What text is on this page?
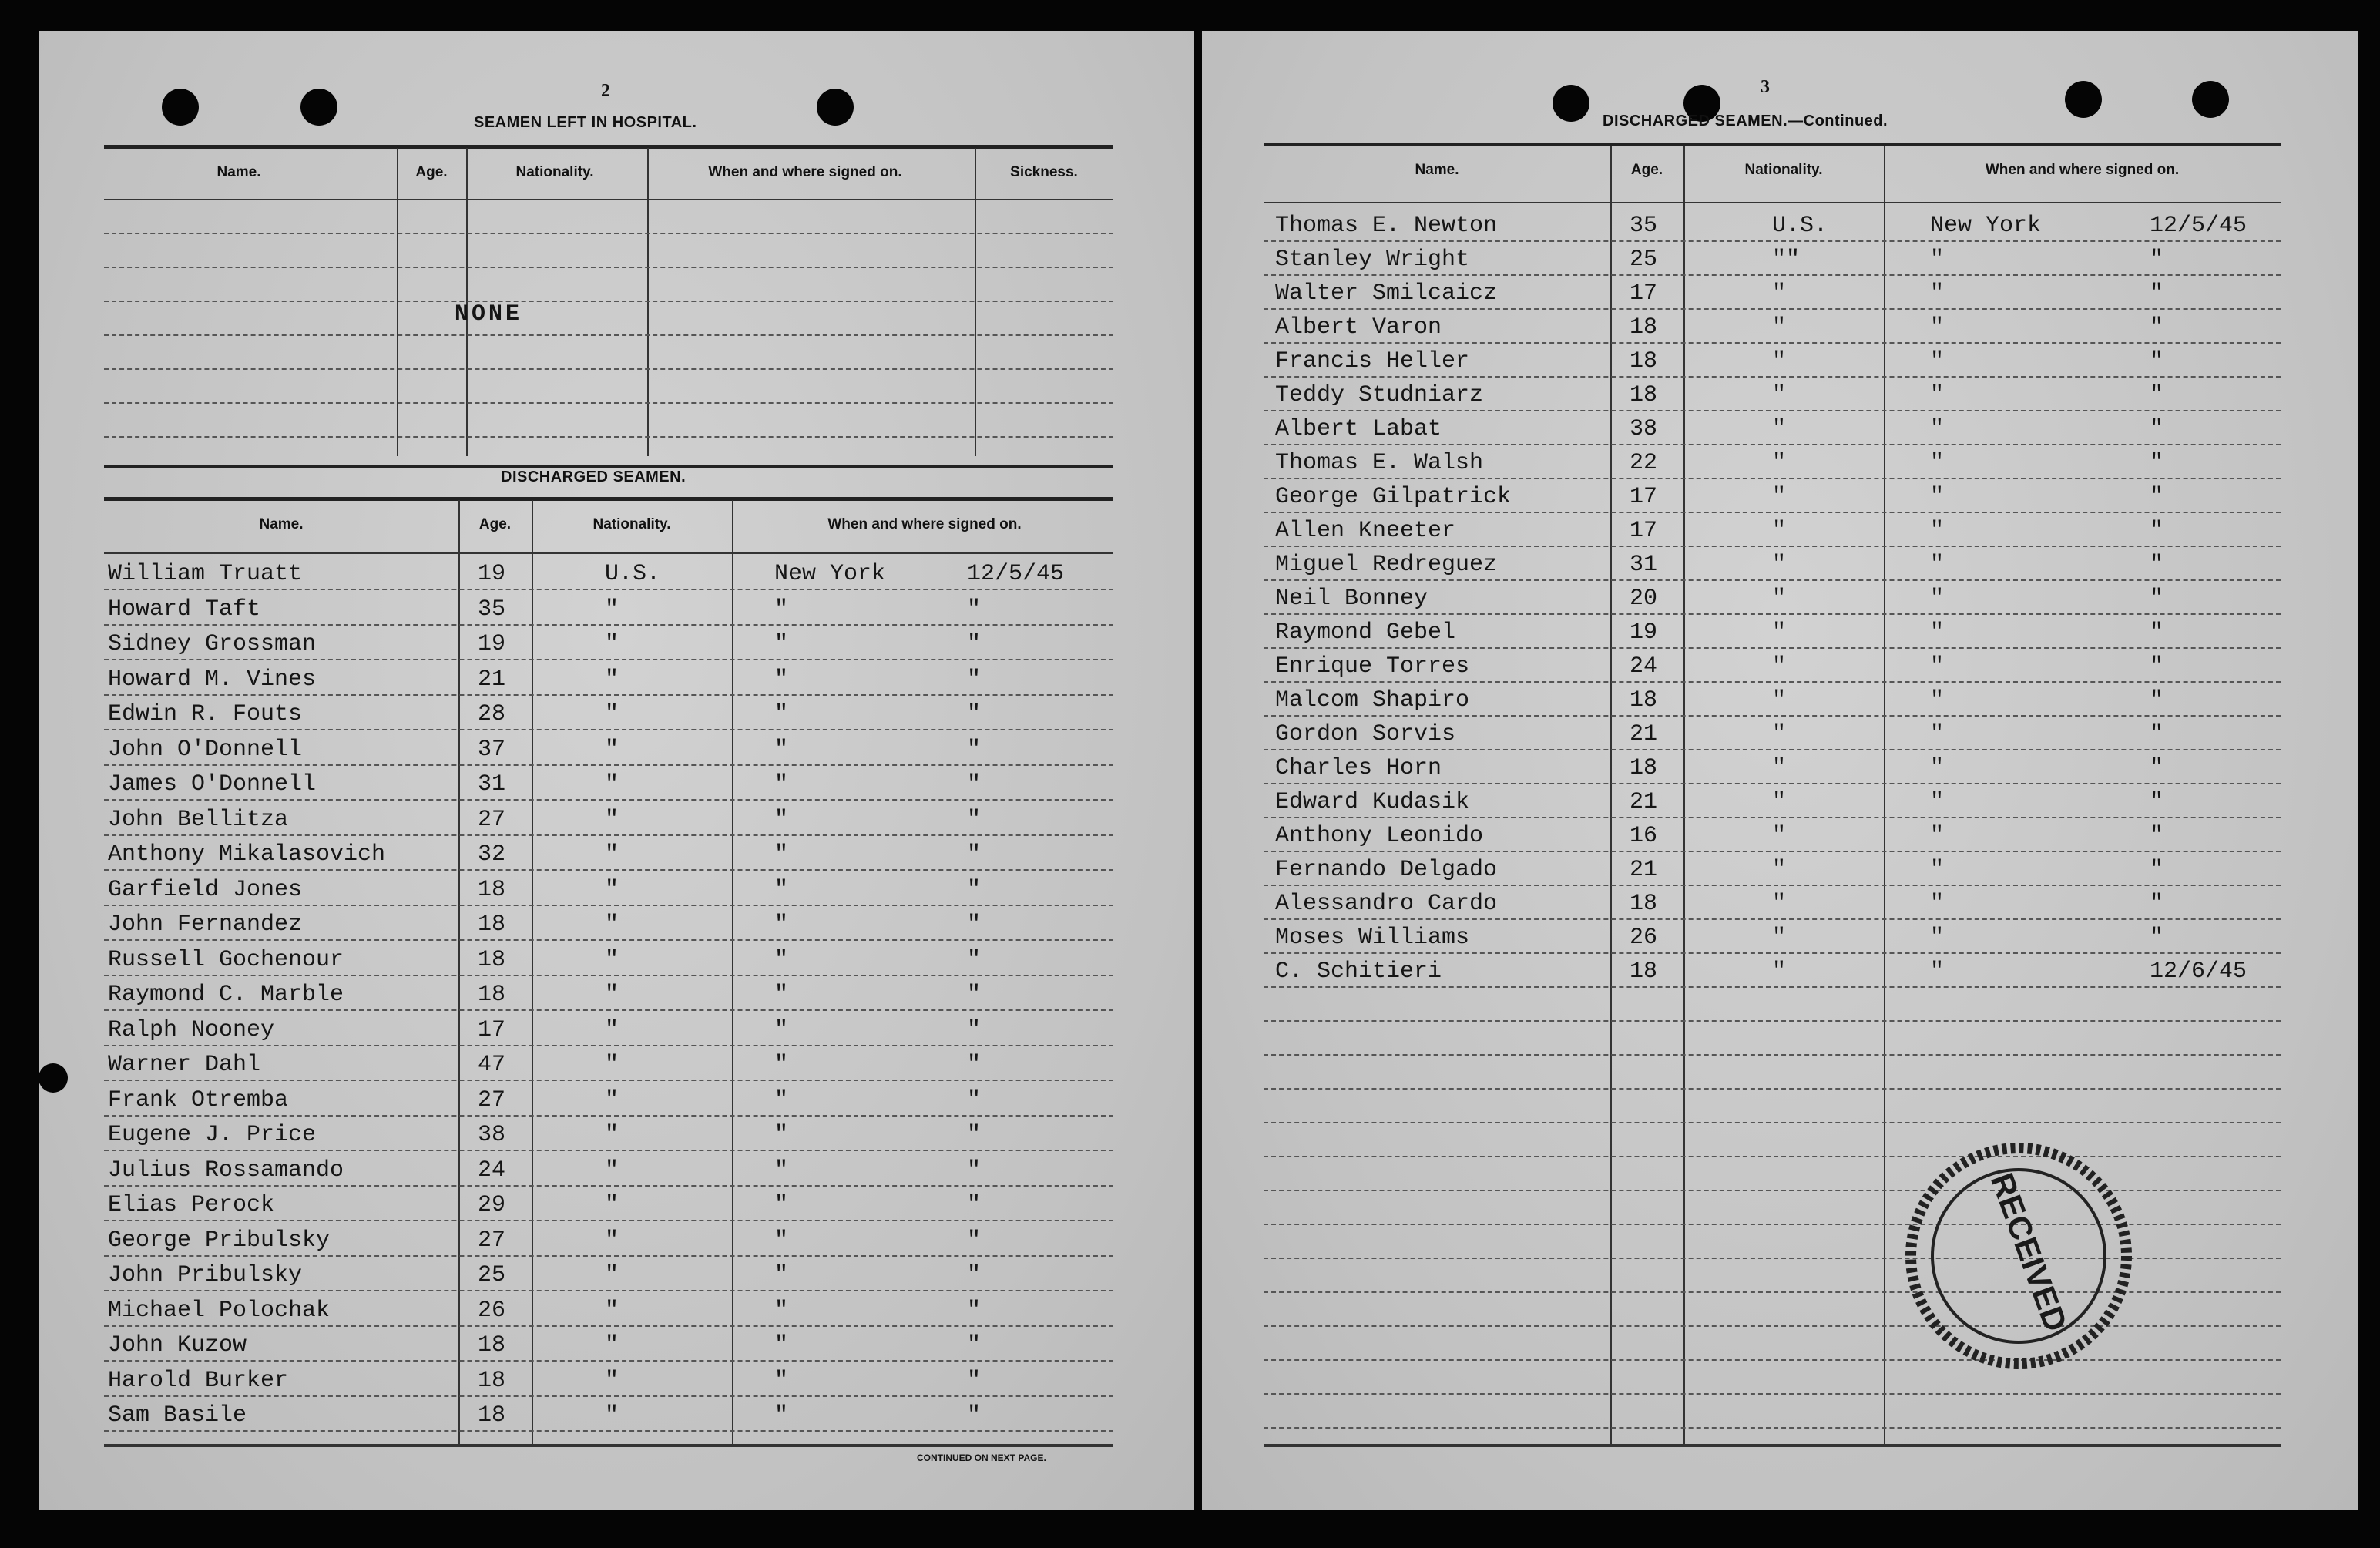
2
SEAMEN LEFT IN HOSPITAL.
Name.	Age.	Nationality.	When and where signed on.	Sickness.
NONE
DISCHARGED SEAMEN.
Name.	Age.	Nationality.	When and where signed on.
CONTINUED ON NEXT PAGE.
William Truatt	19	U.S.	New York	12/5/45
Howard Taft	35	"	"	"
Sidney Grossman	19	"	"	"
Howard M. Vines	21	"	"	"
Edwin R. Fouts	28	"	"	"
John O'Donnell	37	"	"	"
James O'Donnell	31	"	"	"
John Bellitza	27	"	"	"
Anthony Mikalasovich	32	"	"	"
Garfield Jones	18	"	"	"
John Fernandez	18	"	"	"
Russell Gochenour	18	"	"	"
Raymond C. Marble	18	"	"	"
Ralph Nooney	17	"	"	"
Warner Dahl	47	"	"	"
Frank Otremba	27	"	"	"
Eugene J. Price	38	"	"	"
Julius Rossamando	24	"	"	"
Elias Perock	29	"	"	"
George Pribulsky	27	"	"	"
John Pribulsky	25	"	"	"
Michael Polochak	26	"	"	"
John Kuzow	18	"	"	"
Harold Burker	18	"	"	"
Sam Basile	18	"	"	"
3
DISCHARGED SEAMEN.—Continued.
Name.	Age.	Nationality.	When and where signed on.
Thomas E. Newton	35	U.S.	New York	12/5/45
Stanley Wright	25	""	"	"
Walter Smilcaicz	17	"	"	"
Albert Varon	18	"	"	"
Francis Heller	18	"	"	"
Teddy Studniarz	18	"	"	"
Albert Labat	38	"	"	"
Thomas E. Walsh	22	"	"	"
George Gilpatrick	17	"	"	"
Allen Kneeter	17	"	"	"
Miguel Redreguez	31	"	"	"
Neil Bonney	20	"	"	"
Raymond Gebel	19	"	"	"
Enrique Torres	24	"	"	"
Malcom Shapiro	18	"	"	"
Gordon Sorvis	21	"	"	"
Charles Horn	18	"	"	"
Edward Kudasik	21	"	"	"
Anthony Leonido	16	"	"	"
Fernando Delgado	21	"	"	"
Alessandro Cardo	18	"	"	"
Moses Williams	26	"	"	"
C. Schitieri	18	"	"	12/6/45
RECEIVED
